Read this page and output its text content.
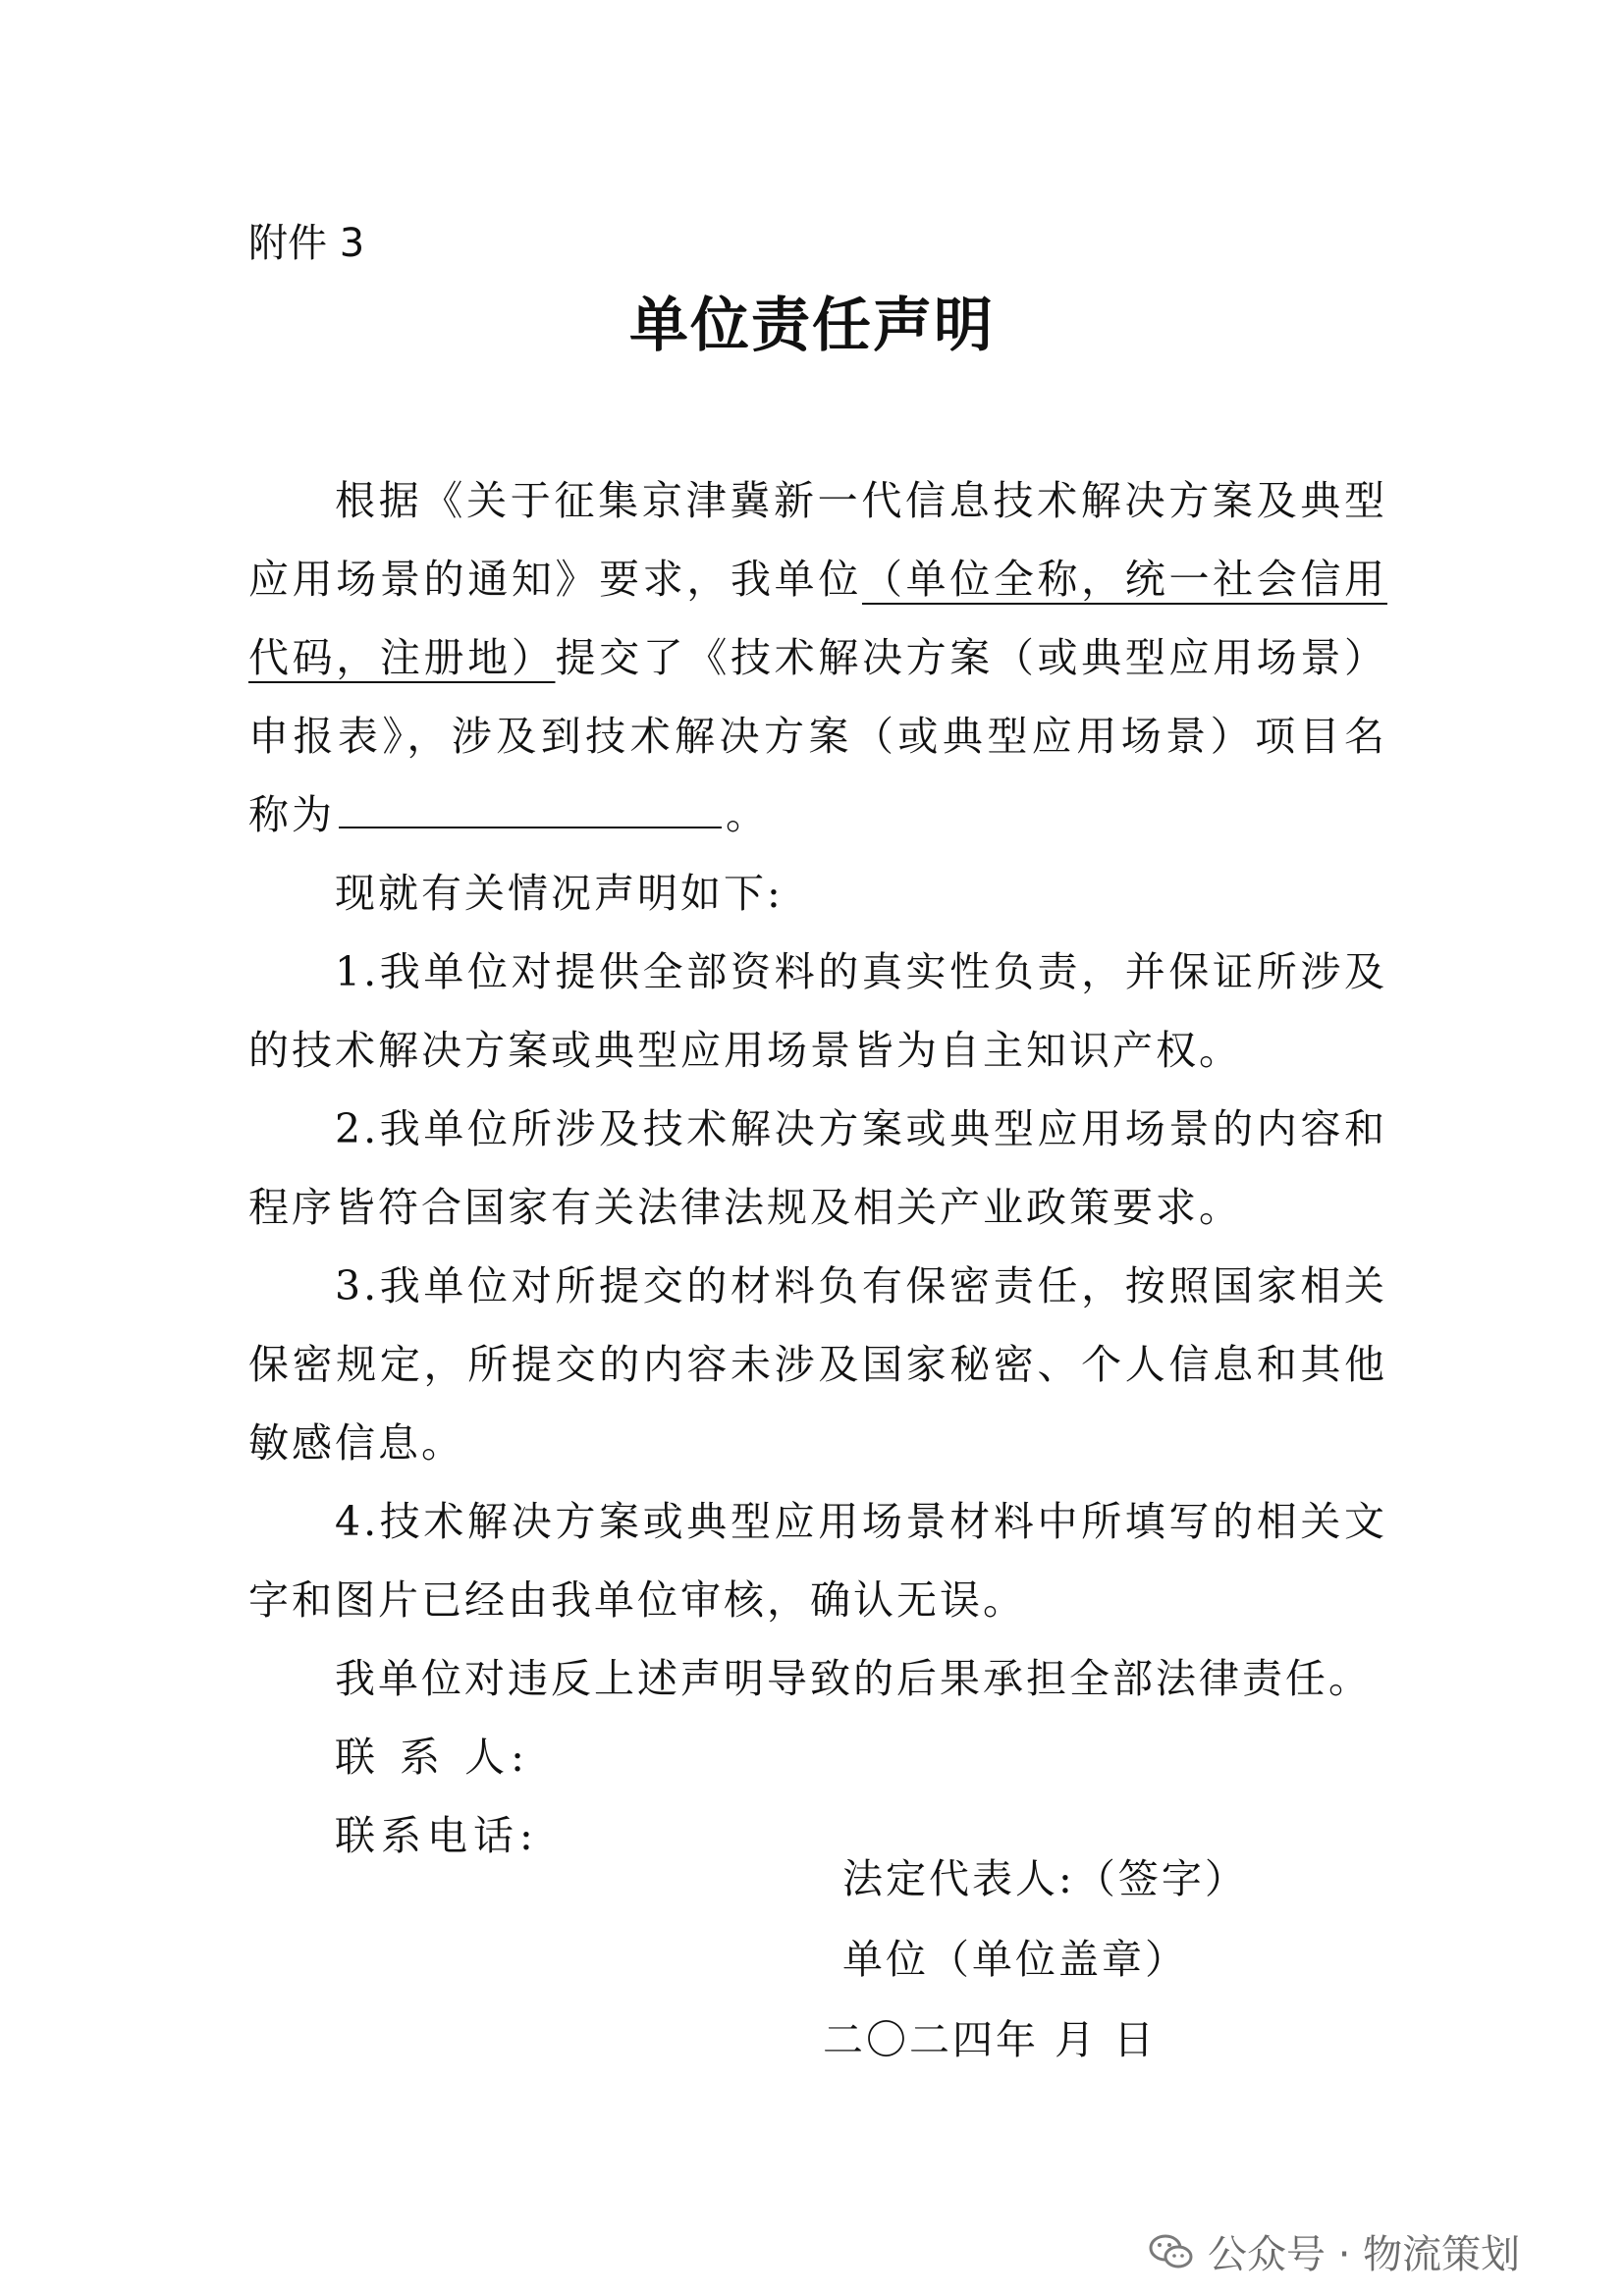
附件 3
单位责任声明

根据《关于征集京津冀新一代信息技术解决方案及典型应用场景的通知》要求，我单位（单位全称，统一社会信用代码，注册地）提交了《技术解决方案（或典型应用场景）申报表》，涉及到技术解决方案（或典型应用场景）项目名称为	。

现就有关情况声明如下:

1.我单位对提供全部资料的真实性负责，并保证所涉及的技术解决方案或典型应用场景皆为自主知识产权。

2.我单位所涉及技术解决方案或典型应用场景的内容和程序皆符合国家有关法律法规及相关产业政策要求。

3.我单位对所提交的材料负有保密责任，按照国家相关保密规定，所提交的内容未涉及国家秘密、个人信息和其他敏感信息。

4.技术解决方案或典型应用场景材料中所填写的相关文字和图片已经由我单位审核，确认无误。

我单位对违反上述声明导致的后果承担全部法律责任。

联 系 人:

联系电话:

法定代表人:（签字）
单位（单位盖章）
二〇二四年 月 日
公众号 · 物流策划
